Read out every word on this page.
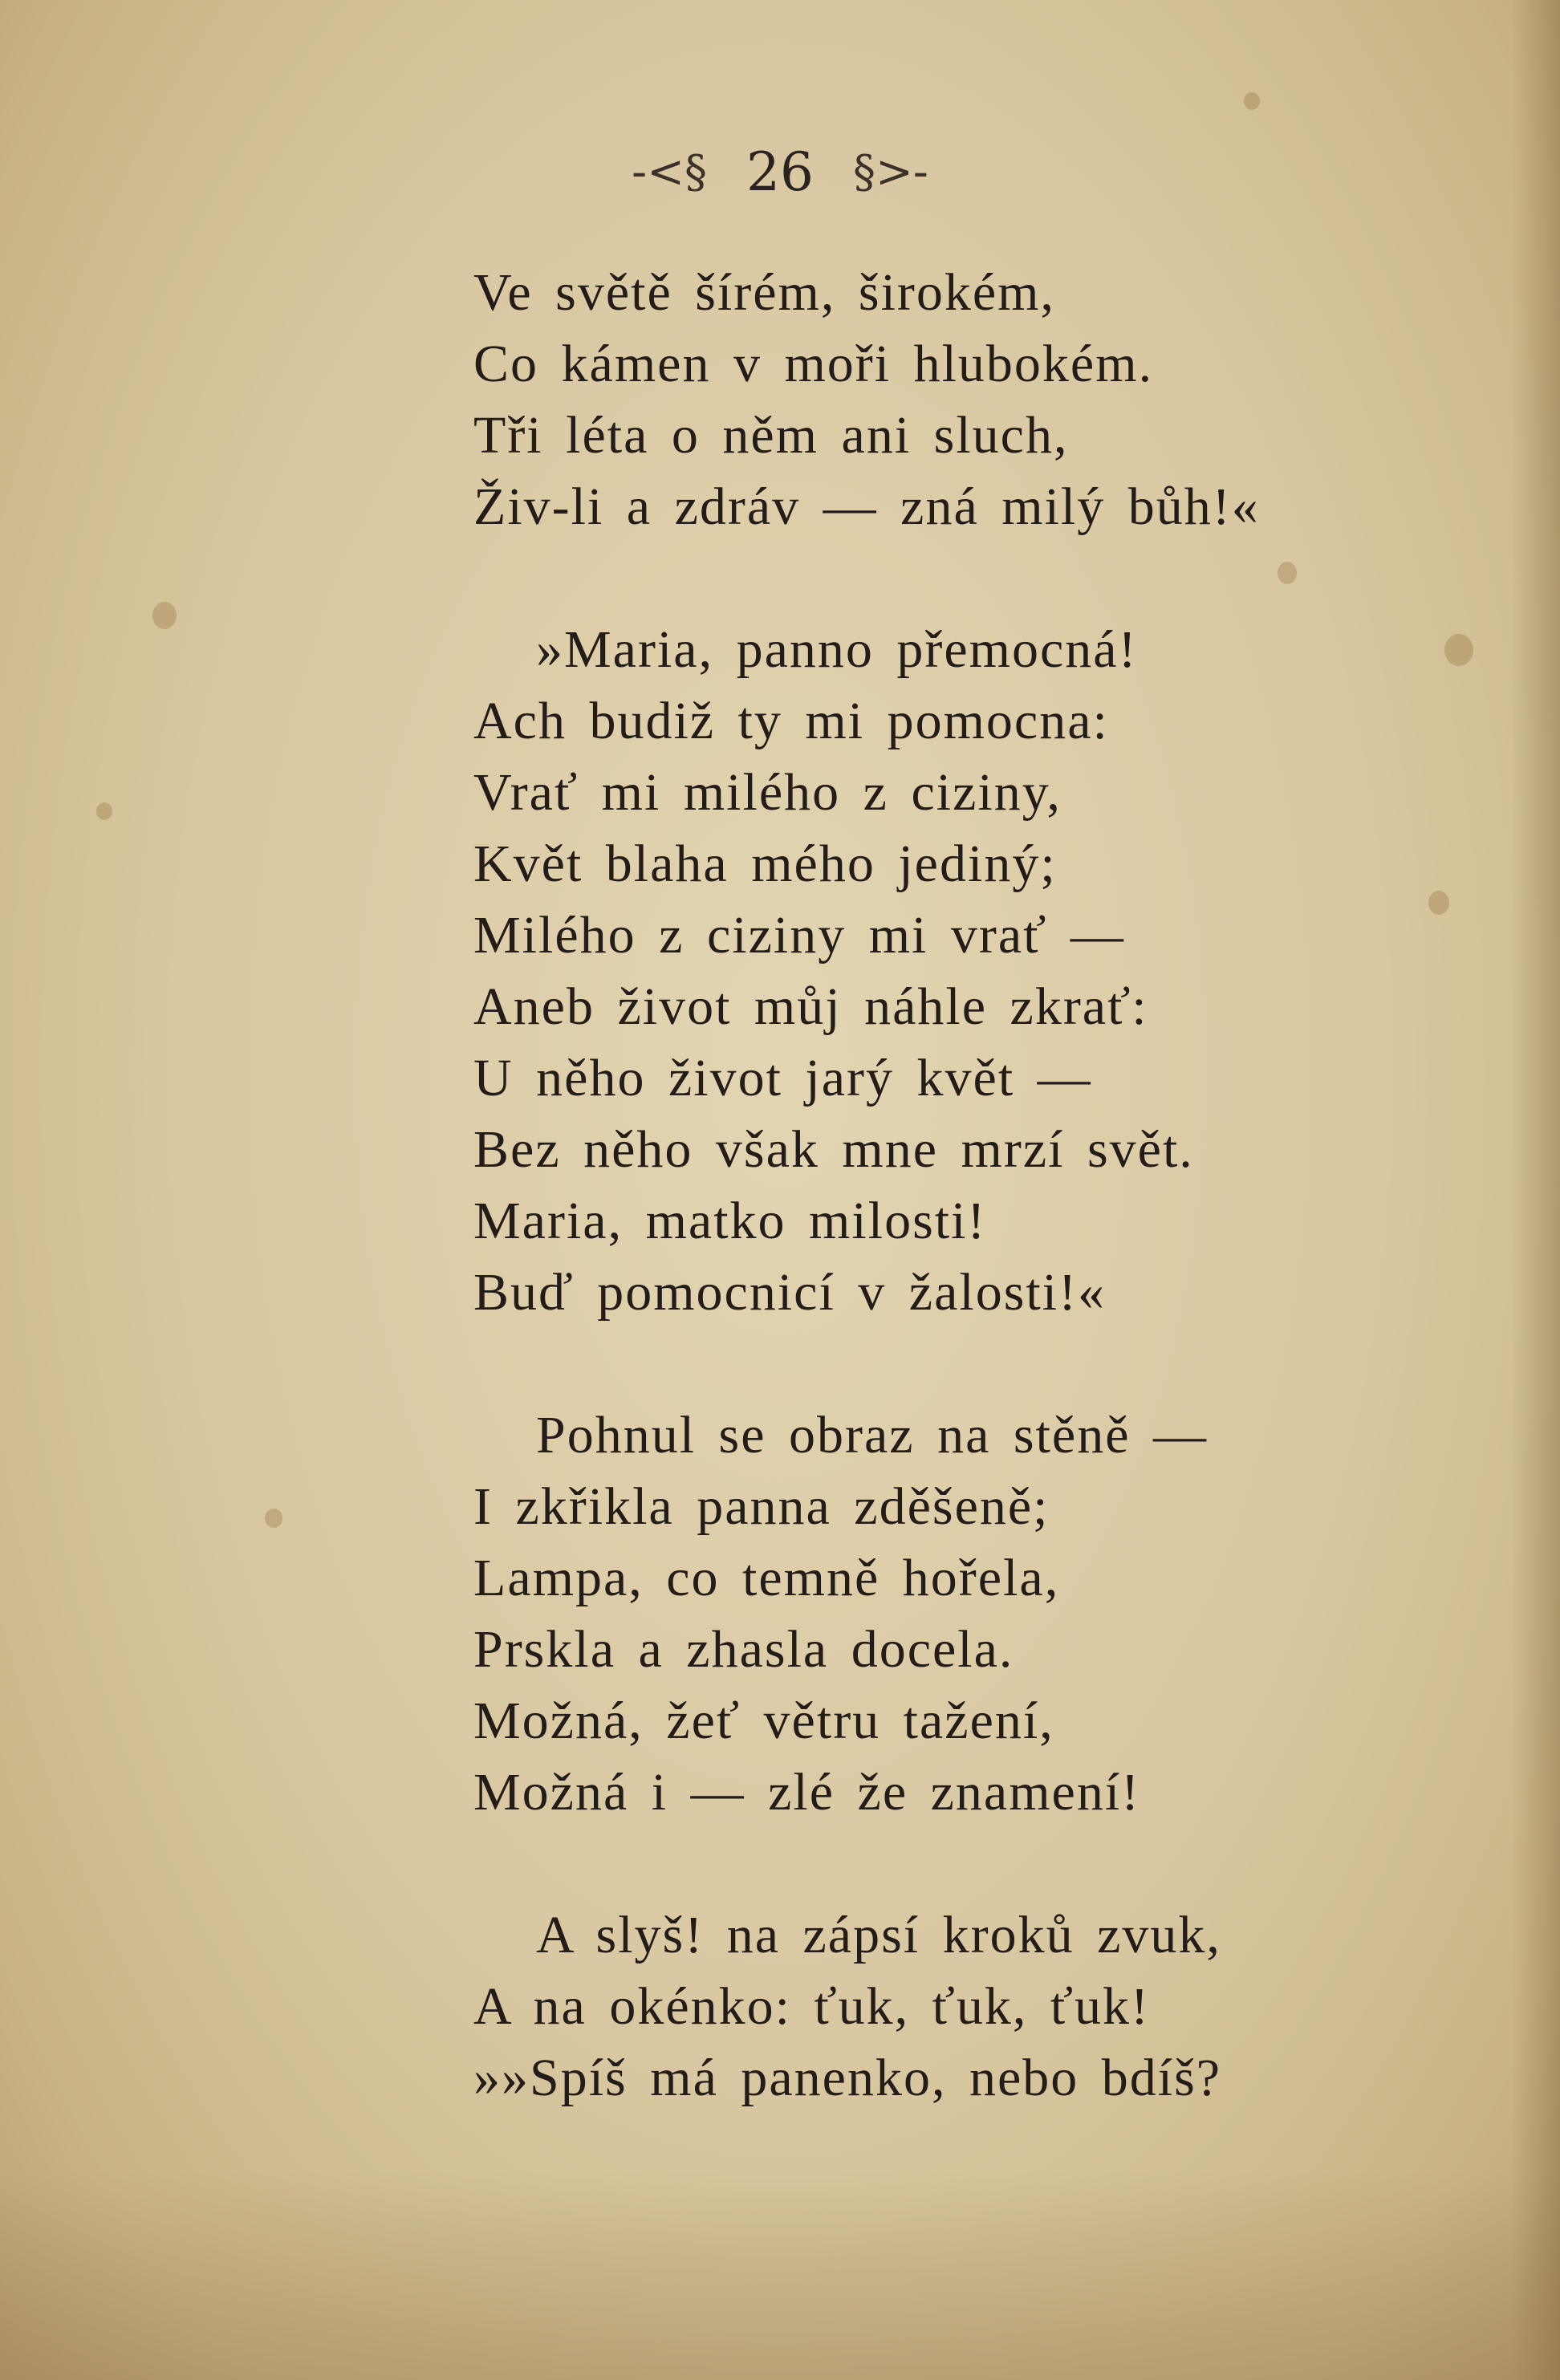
-<§ 26 §>-
Ve světě šírém, širokém,
Co kámen v moři hlubokém.
Tři léta o něm ani sluch,
Živ-li a zdráv — zná milý bůh!«
»Maria, panno přemocná!
Ach budiž ty mi pomocna:
Vrať mi milého z ciziny,
Květ blaha mého jediný;
Milého z ciziny mi vrať —
Aneb život můj náhle zkrať:
U něho život jarý květ —
Bez něho však mne mrzí svět.
Maria, matko milosti!
Buď pomocnicí v žalosti!«
Pohnul se obraz na stěně —
I zkřikla panna zděšeně;
Lampa, co temně hořela,
Prskla a zhasla docela.
Možná, žeť větru tažení,
Možná i — zlé že znamení!
A slyš! na zápsí kroků zvuk,
A na okénko: ťuk, ťuk, ťuk!
»»Spíš má panenko, nebo bdíš?
